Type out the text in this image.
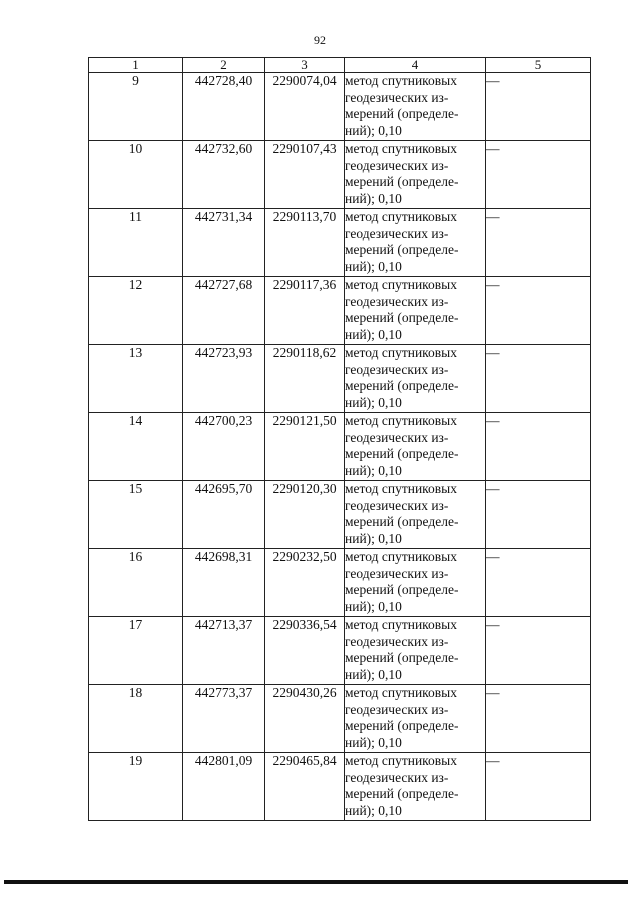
92
1	2	3	4	5
9	442728,40	2290074,04	метод спутниковых
геодезических из-
мерений (определе-
ний); 0,10	—
10	442732,60	2290107,43	метод спутниковых
геодезических из-
мерений (определе-
ний); 0,10	—
11	442731,34	2290113,70	метод спутниковых
геодезических из-
мерений (определе-
ний); 0,10	—
12	442727,68	2290117,36	метод спутниковых
геодезических из-
мерений (определе-
ний); 0,10	—
13	442723,93	2290118,62	метод спутниковых
геодезических из-
мерений (определе-
ний); 0,10	—
14	442700,23	2290121,50	метод спутниковых
геодезических из-
мерений (определе-
ний); 0,10	—
15	442695,70	2290120,30	метод спутниковых
геодезических из-
мерений (определе-
ний); 0,10	—
16	442698,31	2290232,50	метод спутниковых
геодезических из-
мерений (определе-
ний); 0,10	—
17	442713,37	2290336,54	метод спутниковых
геодезических из-
мерений (определе-
ний); 0,10	—
18	442773,37	2290430,26	метод спутниковых
геодезических из-
мерений (определе-
ний); 0,10	—
19	442801,09	2290465,84	метод спутниковых
геодезических из-
мерений (определе-
ний); 0,10	—
